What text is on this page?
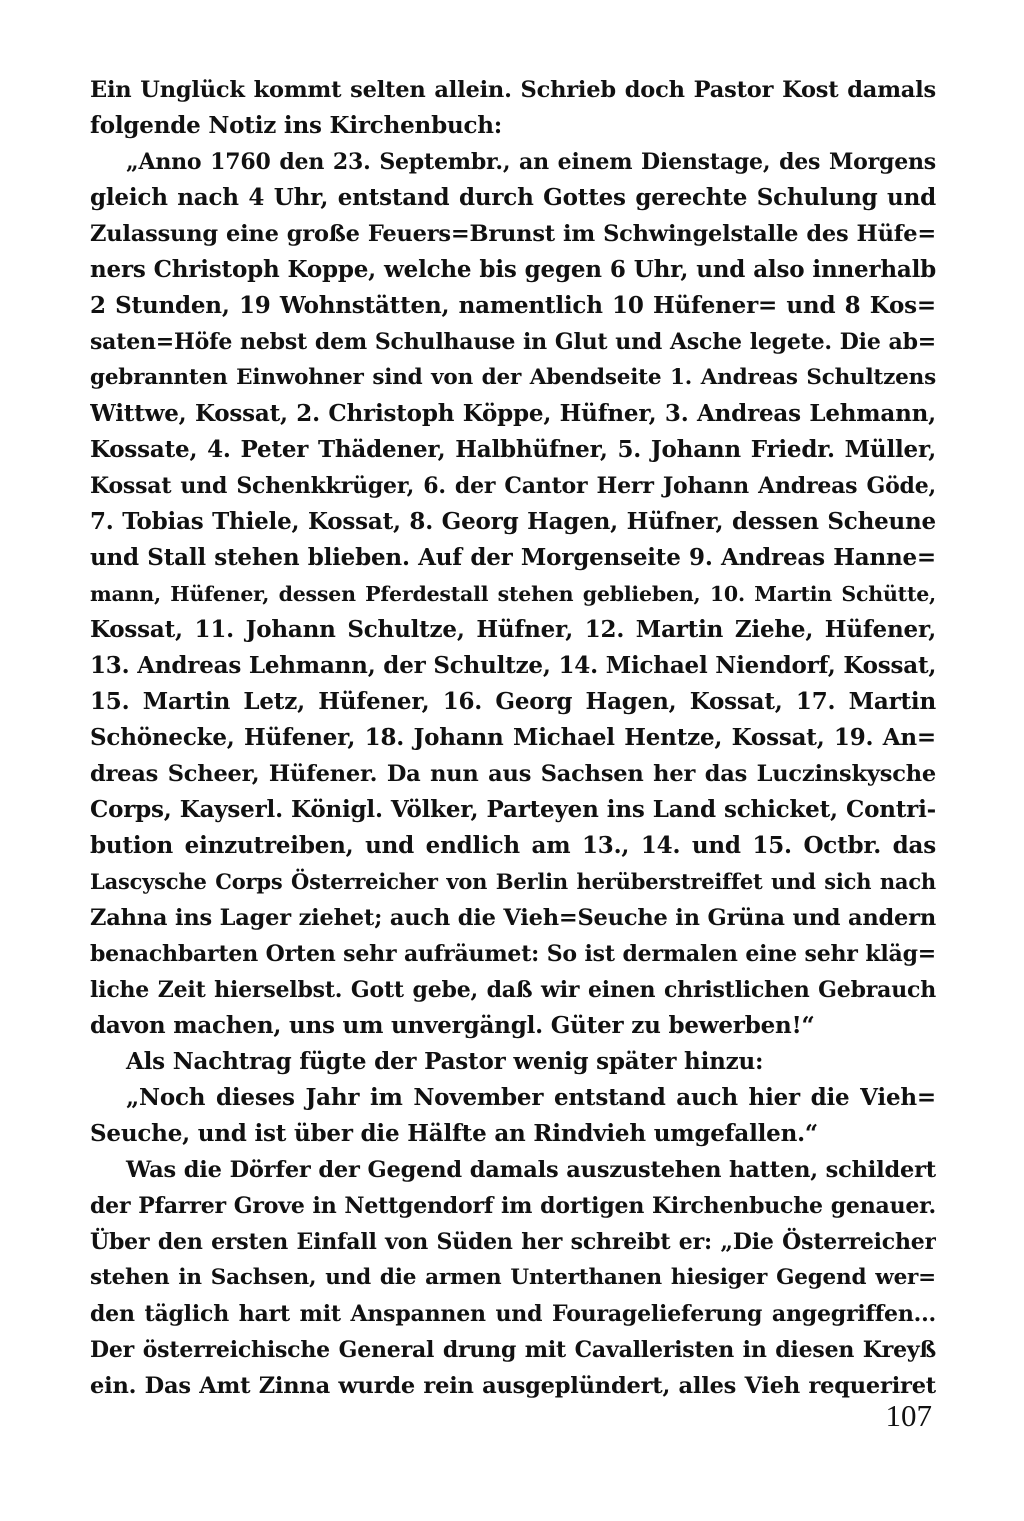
Ein Unglück kommt selten allein. Schrieb doch Pastor Kost damals
folgende Notiz ins Kirchenbuch:
„Anno 1760 den 23. Septembr., an einem Dienstage, des Morgens
gleich nach 4 Uhr, entstand durch Gottes gerechte Schulung und
Zulassung eine große Feuers=Brunst im Schwingelstalle des Hüfe=
ners Christoph Koppe, welche bis gegen 6 Uhr, und also innerhalb
2 Stunden, 19 Wohnstätten, namentlich 10 Hüfener= und 8 Kos=
saten=Höfe nebst dem Schulhause in Glut und Asche legete. Die ab=
gebrannten Einwohner sind von der Abendseite 1. Andreas Schultzens
Wittwe, Kossat, 2. Christoph Köppe, Hüfner, 3. Andreas Lehmann,
Kossate, 4. Peter Thädener, Halbhüfner, 5. Johann Friedr. Müller,
Kossat und Schenkkrüger, 6. der Cantor Herr Johann Andreas Göde,
7. Tobias Thiele, Kossat, 8. Georg Hagen, Hüfner, dessen Scheune
und Stall stehen blieben. Auf der Morgenseite 9. Andreas Hanne=
mann, Hüfener, dessen Pferdestall stehen geblieben, 10. Martin Schütte,
Kossat, 11. Johann Schultze, Hüfner, 12. Martin Ziehe, Hüfener,
13. Andreas Lehmann, der Schultze, 14. Michael Niendorf, Kossat,
15. Martin Letz, Hüfener, 16. Georg Hagen, Kossat, 17. Martin
Schönecke, Hüfener, 18. Johann Michael Hentze, Kossat, 19. An=
dreas Scheer, Hüfener. Da nun aus Sachsen her das Luczinskysche
Corps, Kayserl. Königl. Völker, Parteyen ins Land schicket, Contri-
bution einzutreiben, und endlich am 13., 14. und 15. Octbr. das
Lascysche Corps Österreicher von Berlin herüberstreiffet und sich nach
Zahna ins Lager ziehet; auch die Vieh=Seuche in Grüna und andern
benachbarten Orten sehr aufräumet: So ist dermalen eine sehr kläg=
liche Zeit hierselbst. Gott gebe, daß wir einen christlichen Gebrauch
davon machen, uns um unvergängl. Güter zu bewerben!“
Als Nachtrag fügte der Pastor wenig später hinzu:
„Noch dieses Jahr im November entstand auch hier die Vieh=
Seuche, und ist über die Hälfte an Rindvieh umgefallen.“
Was die Dörfer der Gegend damals auszustehen hatten, schildert
der Pfarrer Grove in Nettgendorf im dortigen Kirchenbuche genauer.
Über den ersten Einfall von Süden her schreibt er: „Die Österreicher
stehen in Sachsen, und die armen Unterthanen hiesiger Gegend wer=
den täglich hart mit Anspannen und Fouragelieferung angegriffen...
Der österreichische General drung mit Cavalleristen in diesen Kreyß
ein. Das Amt Zinna wurde rein ausgeplündert, alles Vieh requeriret
107
